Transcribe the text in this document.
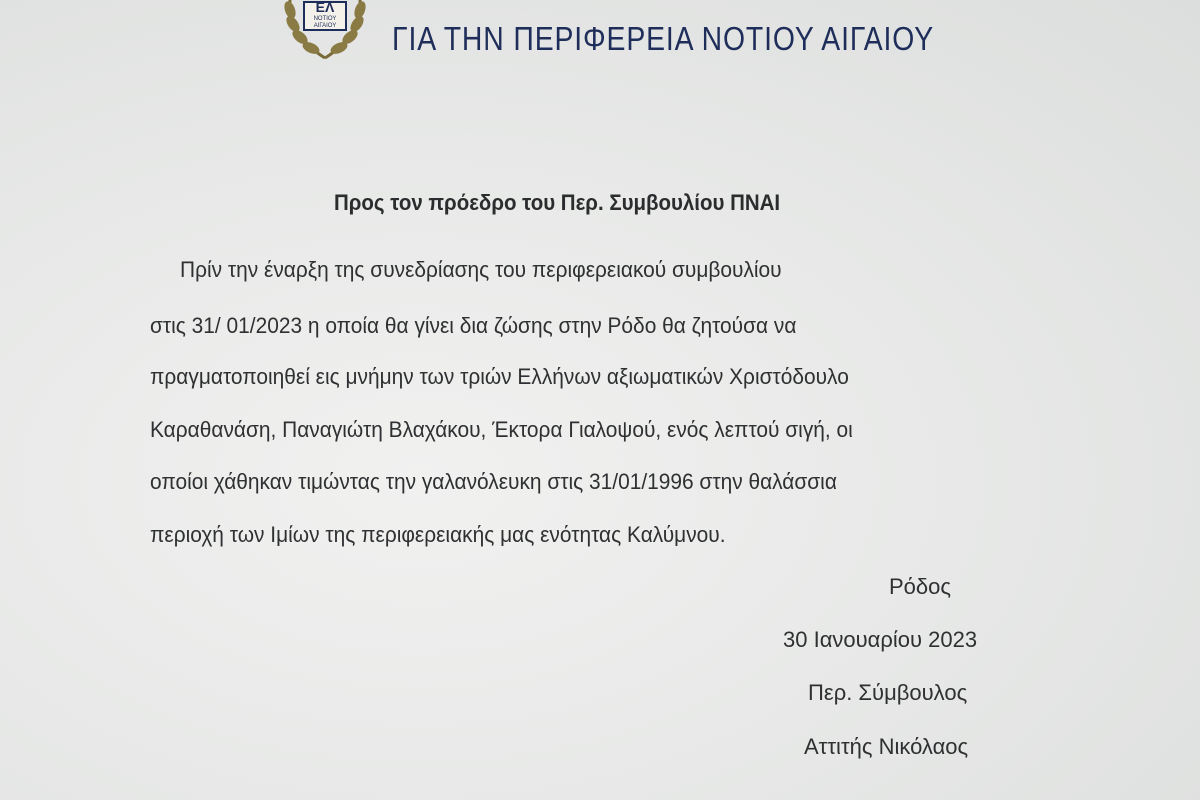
ΕΛ
ΝΟΤΙΟΥ
ΑΙΓΑΙΟΥ ΓΙΑ ΤΗΝ ΠΕΡΙΦΕΡΕΙΑ ΝΟΤΙΟΥ ΑΙΓΑΙΟΥ
Προς τον πρόεδρο του Περ. Συμβουλίου ΠΝΑΙ
Πρίν την έναρξη της συνεδρίασης του περιφερειακού συμβουλίου
στις 31/ 01/2023 η οποία θα γίνει δια ζώσης στην Ρόδο θα ζητούσα να
πραγματοποιηθεί εις μνήμην των τριών Ελλήνων αξιωματικών Χριστόδουλο
Καραθανάση, Παναγιώτη Βλαχάκου, Έκτορα Γιαλοψού, ενός λεπτού σιγή, οι
οποίοι χάθηκαν τιμώντας την γαλανόλευκη στις 31/01/1996 στην θαλάσσια
περιοχή των Ιμίων της περιφερειακής μας ενότητας Καλύμνου.
Ρόδος
30 Ιανουαρίου 2023
Περ. Σύμβουλος
Αττιτής Νικόλαος
